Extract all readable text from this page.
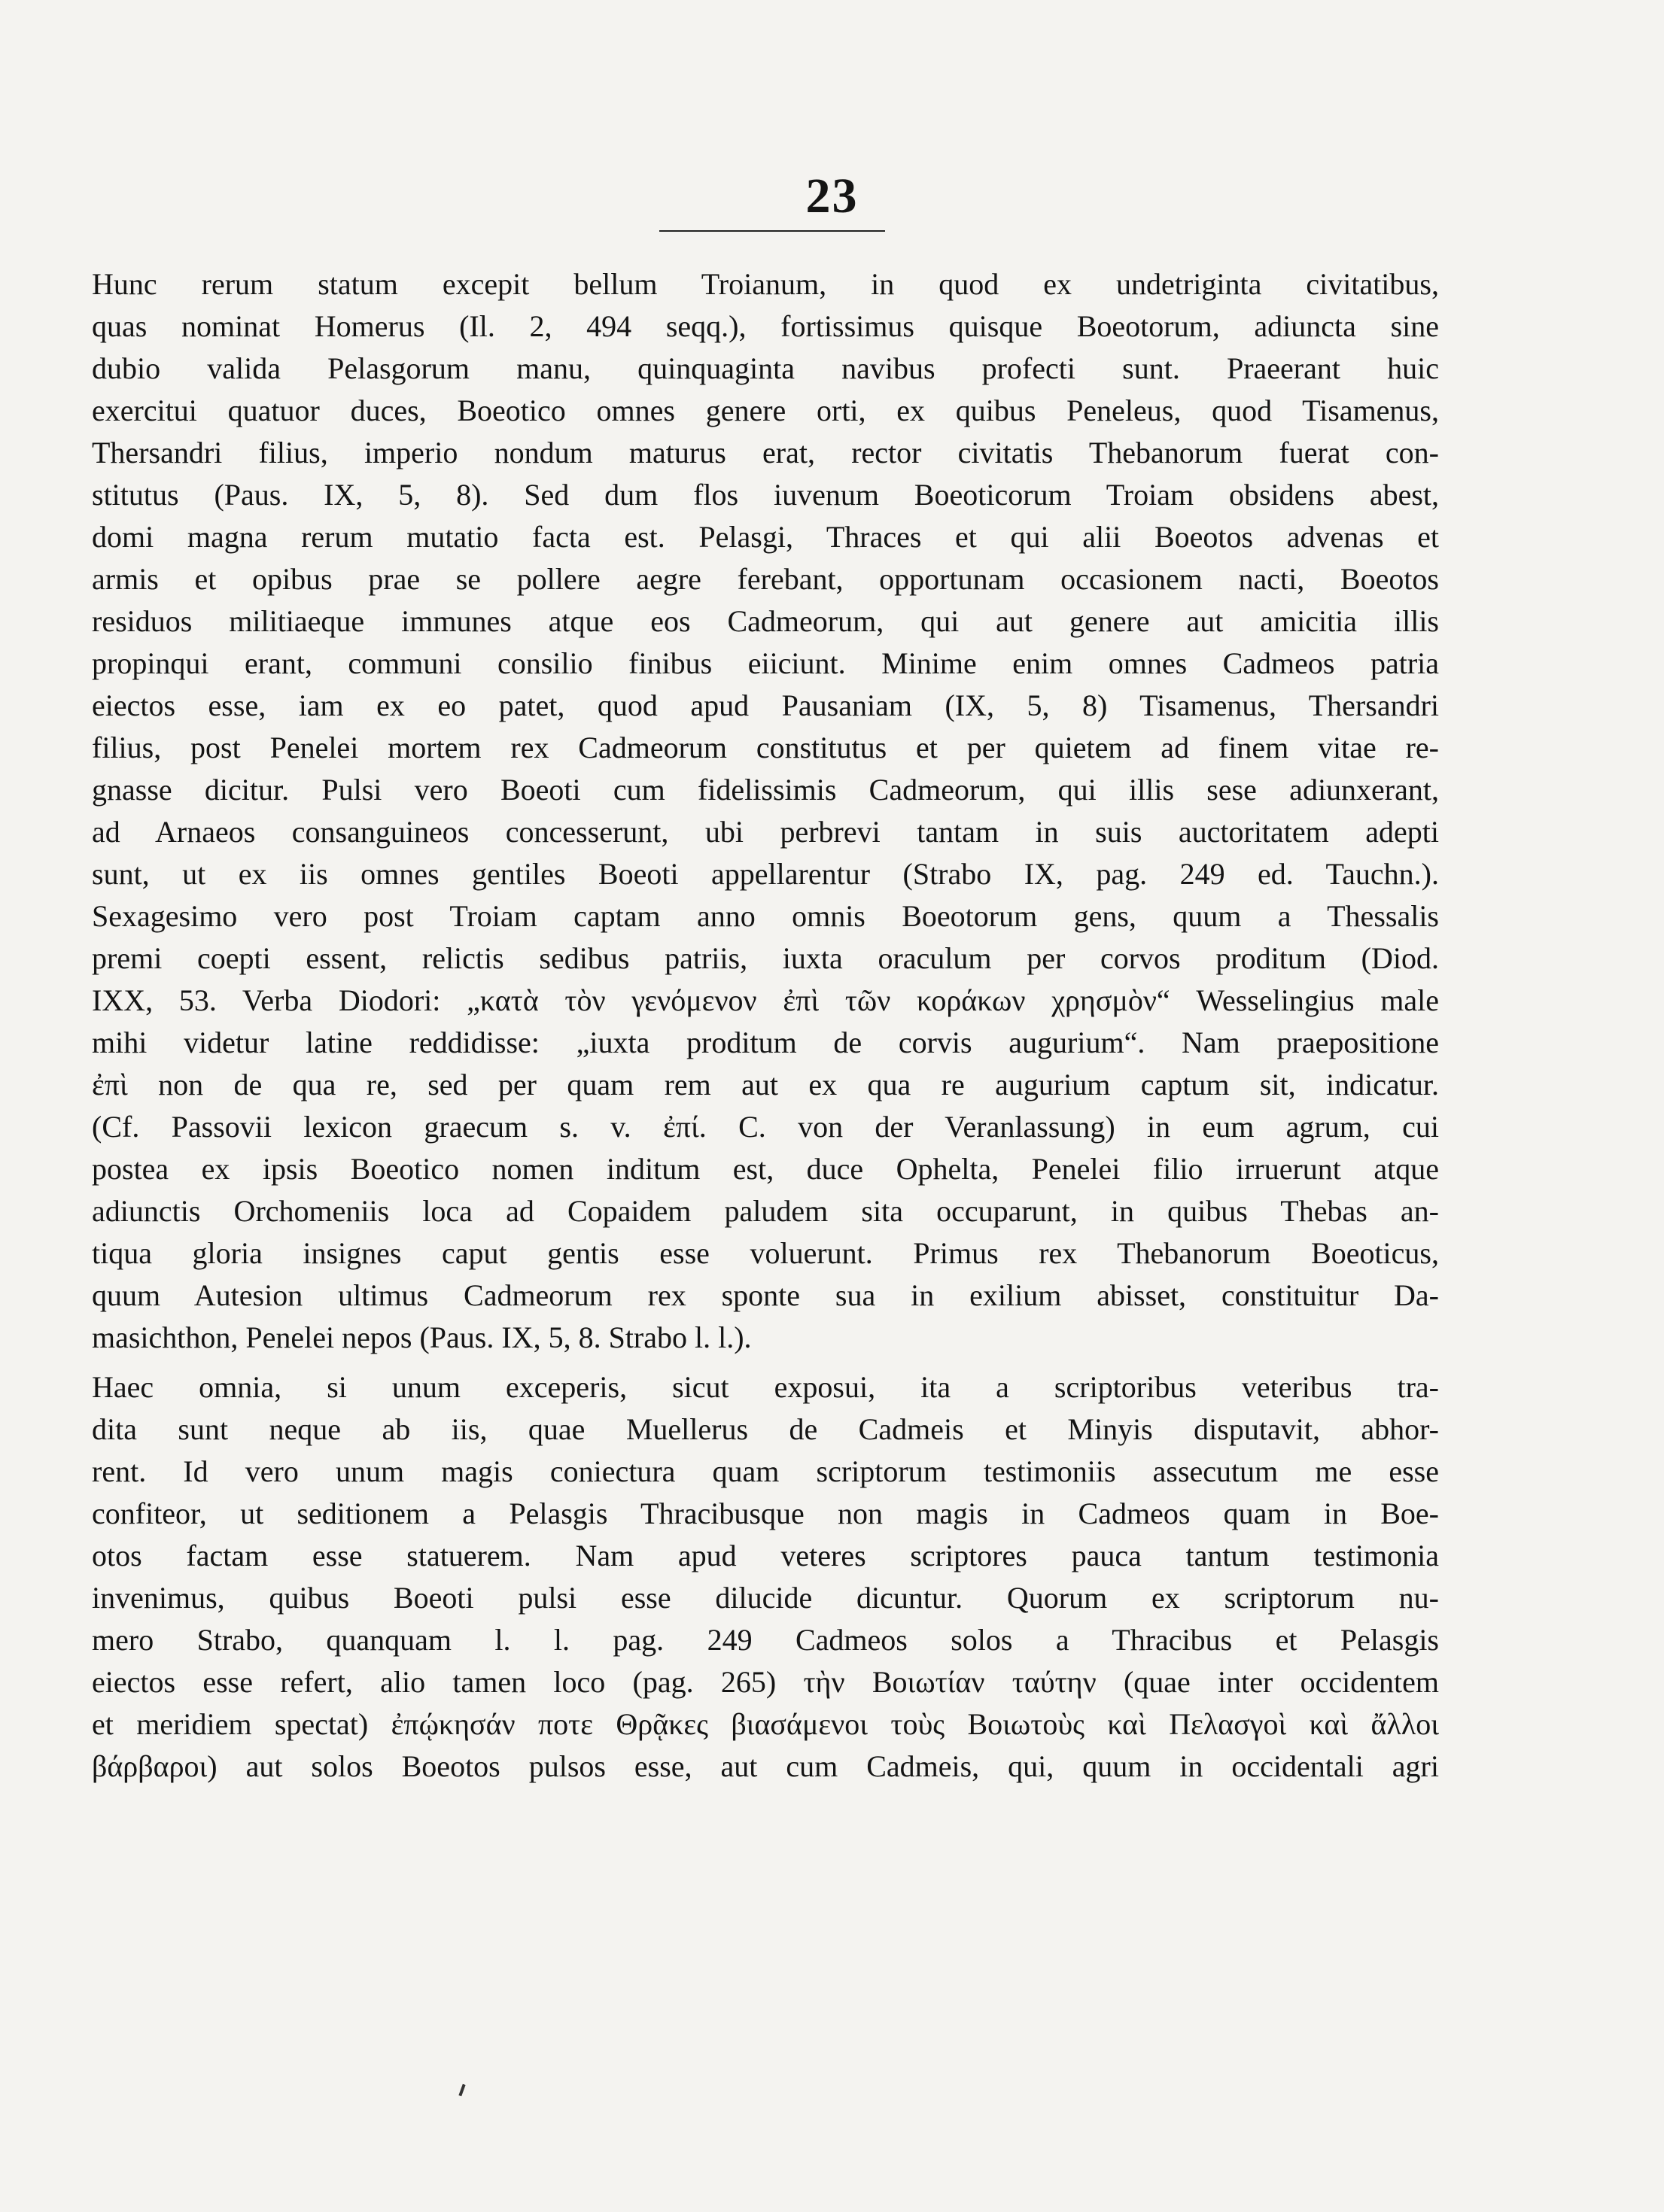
23
Hunc rerum statum excepit bellum Troianum, in quod ex undetriginta civitatibus,
quas nominat Homerus (Il. 2, 494 seqq.), fortissimus quisque Boeotorum, adiuncta sine
dubio valida Pelasgorum manu, quinquaginta navibus profecti sunt. Praeerant huic
exercitui quatuor duces, Boeotico omnes genere orti, ex quibus Peneleus, quod Tisamenus,
Thersandri filius, imperio nondum maturus erat, rector civitatis Thebanorum fuerat con-
stitutus (Paus. IX, 5, 8). Sed dum flos iuvenum Boeoticorum Troiam obsidens abest,
domi magna rerum mutatio facta est. Pelasgi, Thraces et qui alii Boeotos advenas et
armis et opibus prae se pollere aegre ferebant, opportunam occasionem nacti, Boeotos
residuos militiaeque immunes atque eos Cadmeorum, qui aut genere aut amicitia illis
propinqui erant, communi consilio finibus eiiciunt. Minime enim omnes Cadmeos patria
eiectos esse, iam ex eo patet, quod apud Pausaniam (IX, 5, 8) Tisamenus, Thersandri
filius, post Penelei mortem rex Cadmeorum constitutus et per quietem ad finem vitae re-
gnasse dicitur. Pulsi vero Boeoti cum fidelissimis Cadmeorum, qui illis sese adiunxerant,
ad Arnaeos consanguineos concesserunt, ubi perbrevi tantam in suis auctoritatem adepti
sunt, ut ex iis omnes gentiles Boeoti appellarentur (Strabo IX, pag. 249 ed. Tauchn.).
Sexagesimo vero post Troiam captam anno omnis Boeotorum gens, quum a Thessalis
premi coepti essent, relictis sedibus patriis, iuxta oraculum per corvos proditum (Diod.
IXX, 53. Verba Diodori: „κατὰ τὸν γενόμενον ἐπὶ τῶν κοράκων χρησμὸν“ Wesselingius male
mihi videtur latine reddidisse: „iuxta proditum de corvis augurium“. Nam praepositione
ἐπὶ non de qua re, sed per quam rem aut ex qua re augurium captum sit, indicatur.
(Cf. Passovii lexicon graecum s. v. ἐπί. C. von der Veranlassung) in eum agrum, cui
postea ex ipsis Boeotico nomen inditum est, duce Ophelta, Penelei filio irruerunt atque
adiunctis Orchomeniis loca ad Copaidem paludem sita occuparunt, in quibus Thebas an-
tiqua gloria insignes caput gentis esse voluerunt. Primus rex Thebanorum Boeoticus,
quum Autesion ultimus Cadmeorum rex sponte sua in exilium abisset, constituitur Da-
masichthon, Penelei nepos (Paus. IX, 5, 8. Strabo l. l.).
Haec omnia, si unum exceperis, sicut exposui, ita a scriptoribus veteribus tra-
dita sunt neque ab iis, quae Muellerus de Cadmeis et Minyis disputavit, abhor-
rent. Id vero unum magis coniectura quam scriptorum testimoniis assecutum me esse
confiteor, ut seditionem a Pelasgis Thracibusque non magis in Cadmeos quam in Boe-
otos factam esse statuerem. Nam apud veteres scriptores pauca tantum testimonia
invenimus, quibus Boeoti pulsi esse dilucide dicuntur. Quorum ex scriptorum nu-
mero Strabo, quanquam l. l. pag. 249 Cadmeos solos a Thracibus et Pelasgis
eiectos esse refert, alio tamen loco (pag. 265) τὴν Βοιωτίαν ταύτην (quae inter occidentem
et meridiem spectat) ἐπῴκησάν ποτε Θρᾷκες βιασάμενοι τοὺς Βοιωτοὺς καὶ Πελασγοὶ καὶ ἄλλοι
βάρβαροι) aut solos Boeotos pulsos esse, aut cum Cadmeis, qui, quum in occidentali agri
